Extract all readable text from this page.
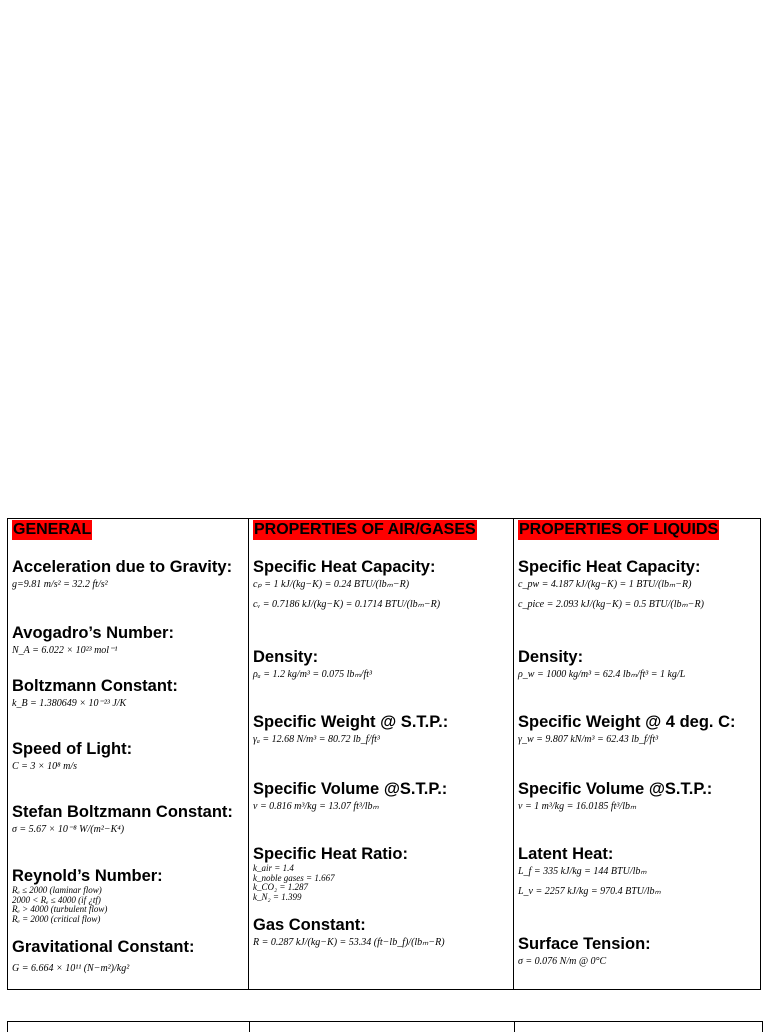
GENERAL
Acceleration due to Gravity:
g=9.81 m/s² = 32.2 ft/s²
Avogadro’s Number:
N_A = 6.022 × 10²³ mol⁻¹
Boltzmann Constant:
k_B = 1.380649 × 10⁻²³ J/K
Speed of Light:
C = 3 × 10⁸ m/s
Stefan Boltzmann Constant:
σ = 5.67 × 10⁻⁸ W/(m²−K⁴)
Reynold’s Number:
Rₑ ≤ 2000 (laminar flow)
2000 < Rₑ ≤ 4000 (if ¿tf)
Rₑ > 4000 (turbulent flow)
Rₑ = 2000 (critical flow)
Gravitational Constant:
G = 6.664 × 10¹¹ (N−m²)/kg²
PROPERTIES OF AIR/GASES
Specific Heat Capacity:
cₚ = 1 kJ/(kg−K) = 0.24 BTU/(lbₘ−R)
cᵥ = 0.7186 kJ/(kg−K) = 0.1714 BTU/(lbₘ−R)
Density:
ρₐ = 1.2 kg/m³ = 0.075 lbₘ/ft³
Specific Weight @ S.T.P.:
γₐ = 12.68 N/m³ = 80.72 lb_f/ft³
Specific Volume @S.T.P.:
v = 0.816 m³/kg = 13.07 ft³/lbₘ
Specific Heat Ratio:
k_air = 1.4
k_noble gases = 1.667
k_CO₂ = 1.287
k_N₂ = 1.399
Gas Constant:
R = 0.287 kJ/(kg−K) = 53.34 (ft−lb_f)/(lbₘ−R)
PROPERTIES OF LIQUIDS
Specific Heat Capacity:
c_pw = 4.187 kJ/(kg−K) = 1 BTU/(lbₘ−R)
c_pice = 2.093 kJ/(kg−K) = 0.5 BTU/(lbₘ−R)
Density:
ρ_w = 1000 kg/m³ = 62.4 lbₘ/ft³ = 1 kg/L
Specific Weight @ 4 deg. C:
γ_w = 9.807 kN/m³ = 62.43 lb_f/ft³
Specific Volume @S.T.P.:
v = 1 m³/kg = 16.0185 ft³/lbₘ
Latent Heat:
L_f = 335 kJ/kg = 144 BTU/lbₘ
L_v = 2257 kJ/kg = 970.4 BTU/lbₘ
Surface Tension:
σ = 0.076 N/m @ 0°C
